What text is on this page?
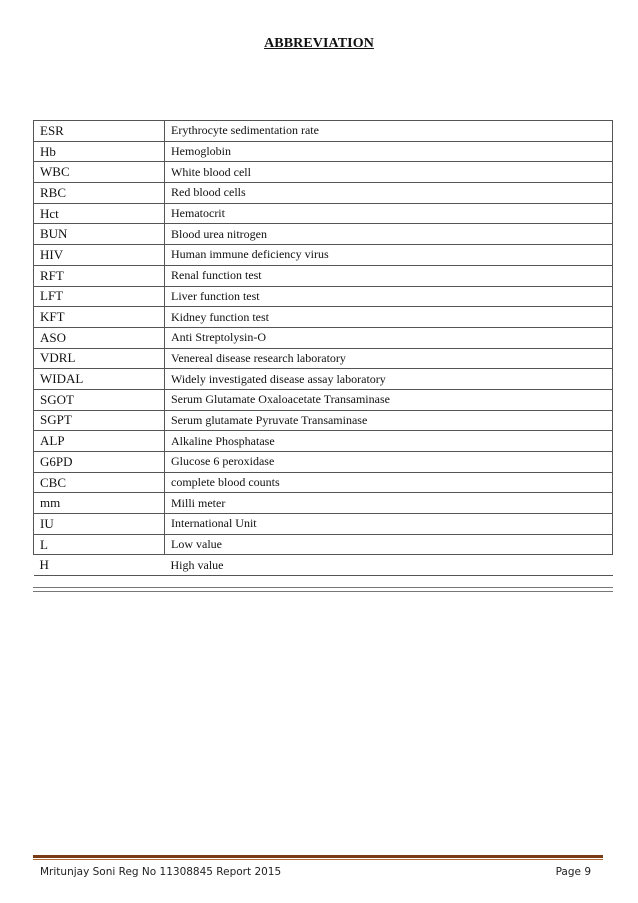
ABBREVIATION
ESR	Erythrocyte sedimentation rate
Hb	Hemoglobin
WBC	White blood cell
RBC	Red blood cells
Hct	Hematocrit
BUN	Blood urea nitrogen
HIV	Human immune deficiency virus
RFT	Renal function test
LFT	Liver function test
KFT	Kidney function test
ASO	Anti Streptolysin-O
VDRL	Venereal disease research laboratory
WIDAL	Widely investigated disease assay laboratory
SGOT	Serum Glutamate Oxaloacetate Transaminase
SGPT	Serum glutamate Pyruvate Transaminase
ALP	Alkaline Phosphatase
G6PD	Glucose 6 peroxidase
CBC	complete blood counts
mm	Milli meter
IU	International Unit
L	Low value
H	High value
Mritunjay Soni Reg No 11308845 Report 2015	Page 9
